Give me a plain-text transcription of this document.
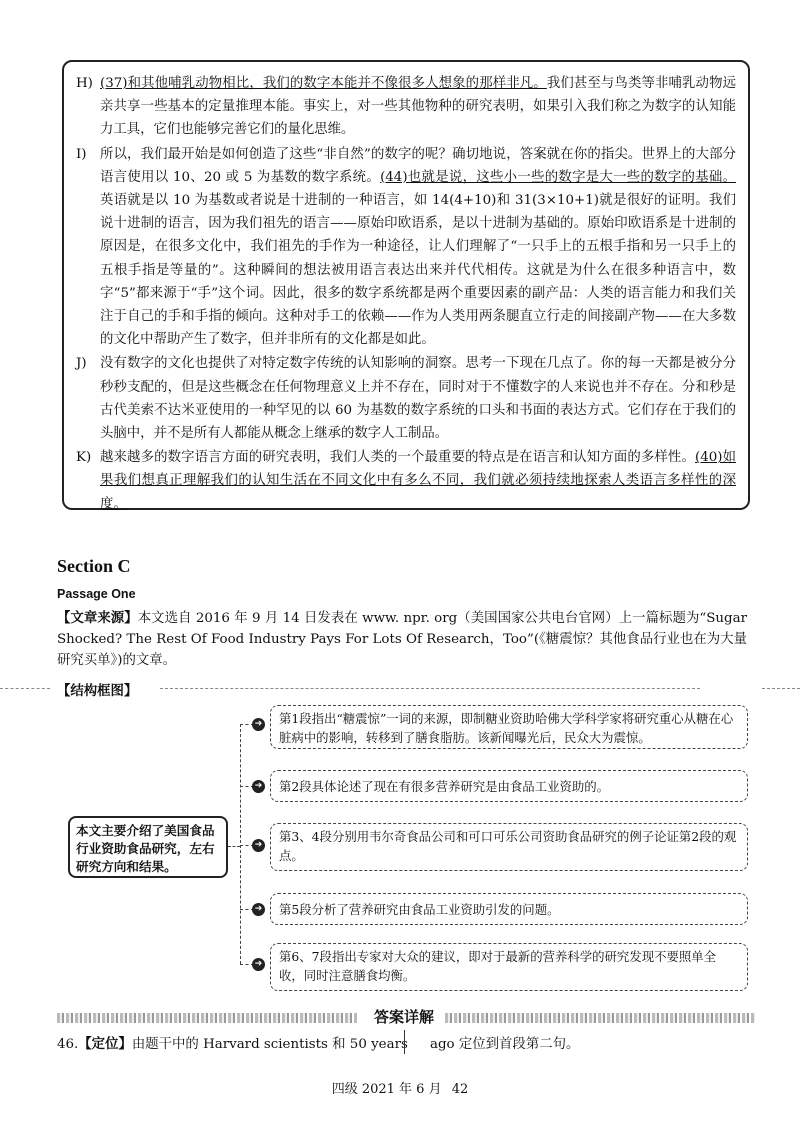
H) (37)和其他哺乳动物相比，我们的数字本能并不像很多人想象的那样非凡。我们甚至与鸟类等非哺乳动物远亲共享一些基本的定量推理本能。事实上，对一些其他物种的研究表明，如果引入我们称之为数字的认知能力工具，它们也能够完善它们的量化思维。
I)	所以，我们最开始是如何创造了这些“非自然”的数字的呢？确切地说，答案就在你的指尖。世界上的大部分语言使用以 10、20 或 5 为基数的数字系统。(44)也就是说，这些小一些的数字是大一些的数字的基础。英语就是以 10 为基数或者说是十进制的一种语言，如 14(4+10)和 31(3×10+1)就是很好的证明。我们说十进制的语言，因为我们祖先的语言——原始印欧语系，是以十进制为基础的。原始印欧语系是十进制的原因是，在很多文化中，我们祖先的手作为一种途径，让人们理解了“一只手上的五根手指和另一只手上的五根手指是等量的”。这种瞬间的想法被用语言表达出来并代代相传。这就是为什么在很多种语言中，数字“5”都来源于“手”这个词。因此，很多的数字系统都是两个重要因素的副产品：人类的语言能力和我们关注于自己的手和手指的倾向。这种对手工的依赖——作为人类用两条腿直立行走的间接副产物——在大多数的文化中帮助产生了数字，但并非所有的文化都是如此。
J)	没有数字的文化也提供了对特定数字传统的认知影响的洞察。思考一下现在几点了。你的每一天都是被分分秒秒支配的，但是这些概念在任何物理意义上并不存在，同时对于不懂数字的人来说也并不存在。分和秒是古代美索不达米亚使用的一种罕见的以 60 为基数的数字系统的口头和书面的表达方式。它们存在于我们的头脑中，并不是所有人都能从概念上继承的数字人工制品。
K) 越来越多的数字语言方面的研究表明，我们人类的一个最重要的特点是在语言和认知方面的多样性。(40)如果我们想真正理解我们的认知生活在不同文化中有多么不同，我们就必须持续地探索人类语言多样性的深度。
Section C
Passage One
【文章来源】本文选自 2016 年 9 月 14 日发表在 www. npr. org（美国国家公共电台官网）上一篇标题为“Sugar Shocked? The Rest Of Food Industry Pays For Lots Of Research，Too”(《糖震惊？其他食品行业也在为大量研究买单》)的文章。
【结构框图】
本文主要介绍了美国食品行业资助食品研究，左右研究方向和结果。
➔	第1段指出“糖震惊”一词的来源，即制糖业资助哈佛大学科学家将研究重心从糖在心脏病中的影响，转移到了膳食脂肪。该新闻曝光后，民众大为震惊。
➔	第2段具体论述了现在有很多营养研究是由食品工业资助的。
➔
第3、4段分别用韦尔奇食品公司和可口可乐公司资助食品研究的例子论证第2段的观点。
➔	第5段分析了营养研究由食品工业资助引发的问题。
➔	第6、7段指出专家对大众的建议，即对于最新的营养科学的研究发现不要照单全收，同时注意膳食均衡。
答案详解
46.【定位】由题干中的 Harvard scientists 和 50 years ago 定位到首段第二句。
四级 2021 年 6 月 42
